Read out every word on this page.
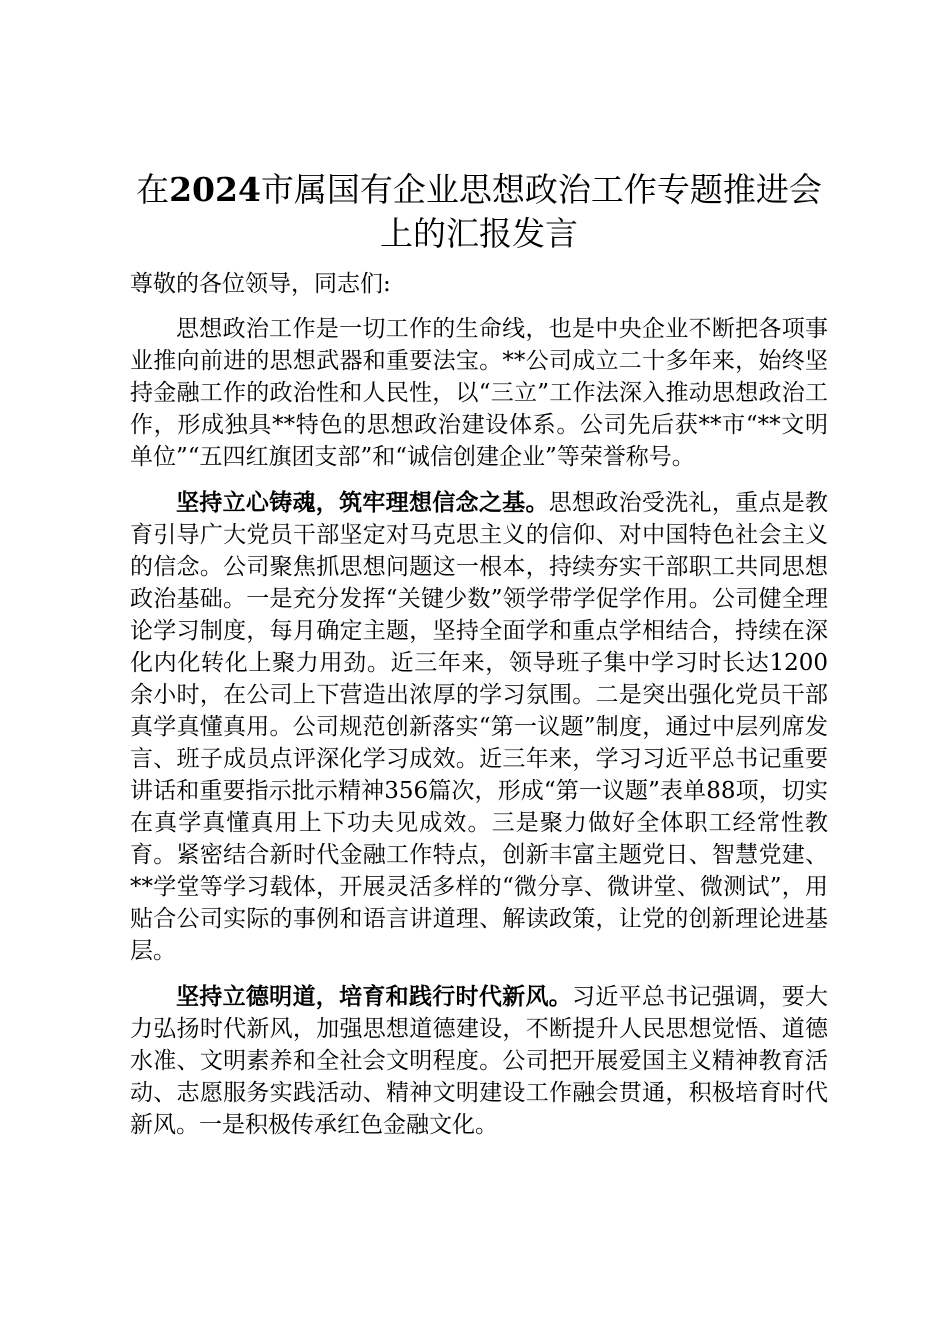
在2024市属国有企业思想政治工作专题推进会上的汇报发言

尊敬的各位领导，同志们:

思想政治工作是一切工作的生命线，也是中央企业不断把各项事业推向前进的思想武器和重要法宝。**公司成立二十多年来，始终坚持金融工作的政治性和人民性，以“三立”工作法深入推动思想政治工作，形成独具**特色的思想政治建设体系。公司先后获**市“**文明单位”“五四红旗团支部”和“诚信创建企业”等荣誉称号。

坚持立心铸魂，筑牢理想信念之基。思想政治受洗礼，重点是教育引导广大党员干部坚定对马克思主义的信仰、对中国特色社会主义的信念。公司聚焦抓思想问题这一根本，持续夯实干部职工共同思想政治基础。一是充分发挥“关键少数”领学带学促学作用。公司健全理论学习制度，每月确定主题，坚持全面学和重点学相结合，持续在深化内化转化上聚力用劲。近三年来，领导班子集中学习时长达1200余小时，在公司上下营造出浓厚的学习氛围。二是突出强化党员干部真学真懂真用。公司规范创新落实“第一议题”制度，通过中层列席发言、班子成员点评深化学习成效。近三年来，学习习近平总书记重要讲话和重要指示批示精神356篇次，形成“第一议题”表单88项，切实在真学真懂真用上下功夫见成效。三是聚力做好全体职工经常性教育。紧密结合新时代金融工作特点，创新丰富主题党日、智慧党建、**学堂等学习载体，开展灵活多样的“微分享、微讲堂、微测试”，用贴合公司实际的事例和语言讲道理、解读政策，让党的创新理论进基层。

坚持立德明道，培育和践行时代新风。习近平总书记强调，要大力弘扬时代新风，加强思想道德建设，不断提升人民思想觉悟、道德水准、文明素养和全社会文明程度。公司把开展爱国主义精神教育活动、志愿服务实践活动、精神文明建设工作融会贯通，积极培育时代新风。一是积极传承红色金融文化。
